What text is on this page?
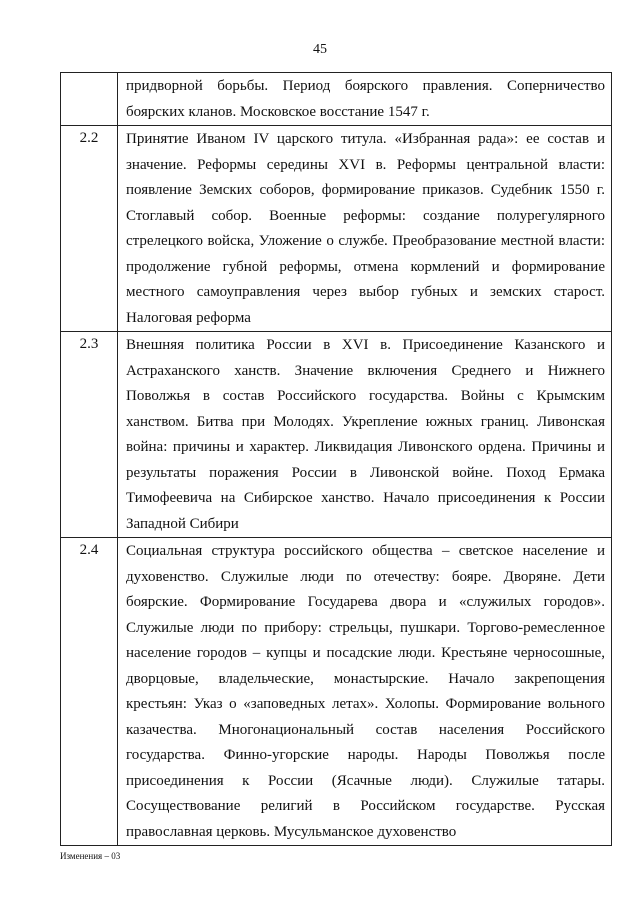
45

	придворной борьбы. Период боярского правления. Соперничество боярских кланов. Московское восстание 1547 г.

2.2	Принятие Иваном IV царского титула. «Избранная рада»: ее состав и значение. Реформы середины XVI в. Реформы центральной власти: появление Земских соборов, формирование приказов. Судебник 1550 г. Стоглавый собор. Военные реформы: создание полурегулярного стрелецкого войска, Уложение о службе. Преобразование местной власти: продолжение губной реформы, отмена кормлений и формирование местного самоуправления через выбор губных и земских старост. Налоговая реформа

2.3	Внешняя политика России в XVI в. Присоединение Казанского и Астраханского ханств. Значение включения Среднего и Нижнего Поволжья в состав Российского государства. Войны с Крымским ханством. Битва при Молодях. Укрепление южных границ. Ливонская война: причины и характер. Ликвидация Ливонского ордена. Причины и результаты поражения России в Ливонской войне. Поход Ермака Тимофеевича на Сибирское ханство. Начало присоединения к России Западной Сибири

2.4	Социальная структура российского общества – светское население и духовенство. Служилые люди по отечеству: бояре. Дворяне. Дети боярские. Формирование Государева двора и «служилых городов». Служилые люди по прибору: стрельцы, пушкари. Торгово-ремесленное население городов – купцы и посадские люди. Крестьяне черносошные, дворцовые, владельческие, монастырские. Начало закрепощения крестьян: Указ о «заповедных летах». Холопы. Формирование вольного казачества. Многонациональный состав населения Российского государства. Финно-угорские народы. Народы Поволжья после присоединения к России (Ясачные люди). Служилые татары. Сосуществование религий в Российском государстве. Русская православная церковь. Мусульманское духовенство

Изменения – 03
